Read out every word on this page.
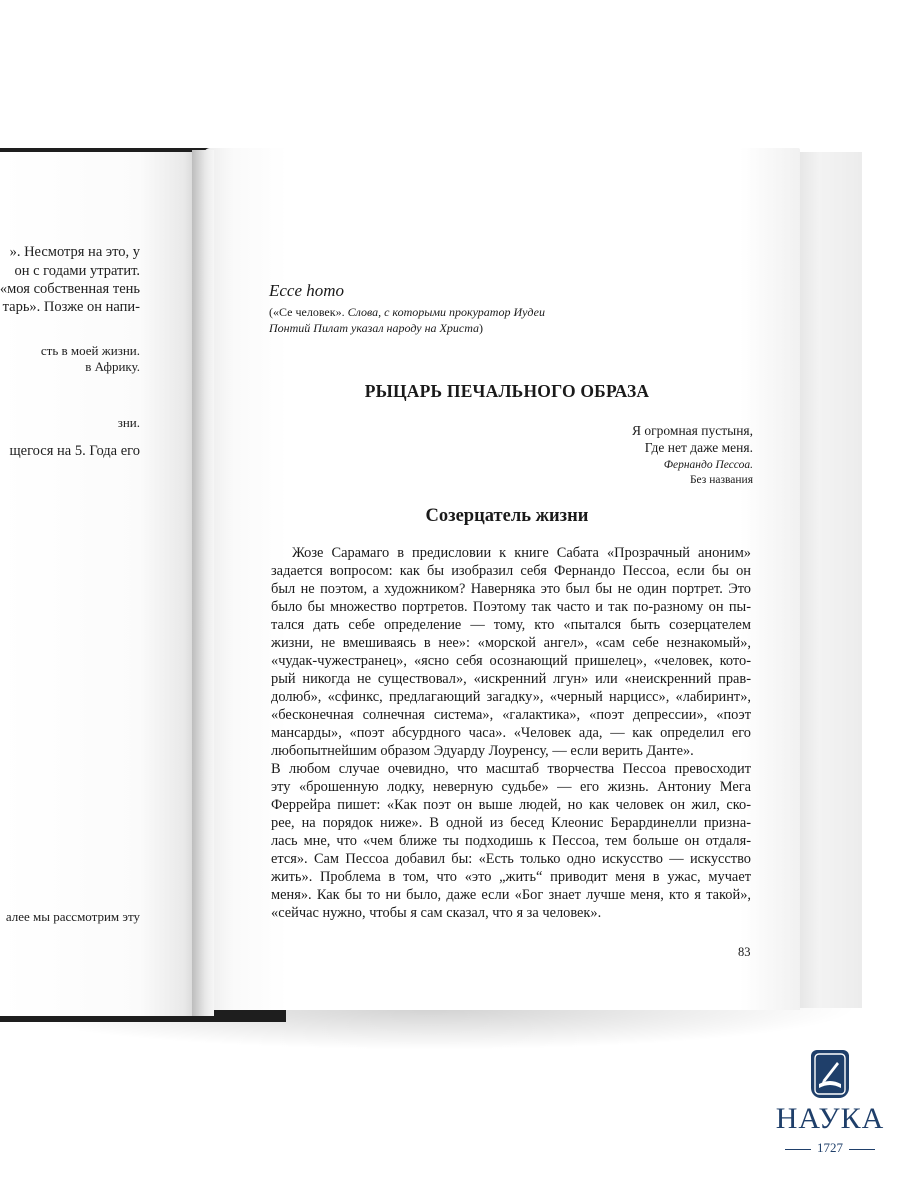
». Несмотря на это, у
он с годами утратит.
«моя собственная тень
тарь». Позже он напи-
сть в моей жизни.
в Африку.
зни.
щегося на 5. Года его
алее мы рассмотрим эту
Ecce homo
(«Се человек». Слова, с которыми прокуратор Иудеи
Понтий Пилат указал народу на Христа)
РЫЦАРЬ ПЕЧАЛЬНОГО ОБРАЗА
Я огромная пустыня,
Где нет даже меня.
Фернандо Пессоа.
Без названия
Созерцатель жизни
Жозе Сарамаго в предисловии к книге Сабата «Прозрачный аноним»
задается вопросом: как бы изобразил себя Фернандо Пессоа, если бы он
был не поэтом, а художником? Наверняка это был бы не один портрет. Это
было бы множество портретов. Поэтому так часто и так по-разному он пы-
тался дать себе определение — тому, кто «пытался быть созерцателем
жизни, не вмешиваясь в нее»: «морской ангел», «сам себе незнакомый»,
«чудак-чужестранец», «ясно себя осознающий пришелец», «человек, кото-
рый никогда не существовал», «искренний лгун» или «неискренний прав-
долюб», «сфинкс, предлагающий загадку», «черный нарцисс», «лабиринт»,
«бесконечная солнечная система», «галактика», «поэт депрессии», «поэт
мансарды», «поэт абсурдного часа». «Человек ада, — как определил его
любопытнейшим образом Эдуарду Лоуренсу, — если верить Данте».
В любом случае очевидно, что масштаб творчества Пессоа превосходит
эту «брошенную лодку, неверную судьбе» — его жизнь. Антониу Мега
Феррейра пишет: «Как поэт он выше людей, но как человек он жил, ско-
рее, на порядок ниже». В одной из бесед Клеонис Берардинелли призна-
лась мне, что «чем ближе ты подходишь к Пессоа, тем больше он отдаля-
ется». Сам Пессоа добавил бы: «Есть только одно искусство — искусство
жить». Проблема в том, что «это „жить“ приводит меня в ужас, мучает
меня». Как бы то ни было, даже если «Бог знает лучше меня, кто я такой»,
«сейчас нужно, чтобы я сам сказал, что я за человек».
83
НАУКА
1727
